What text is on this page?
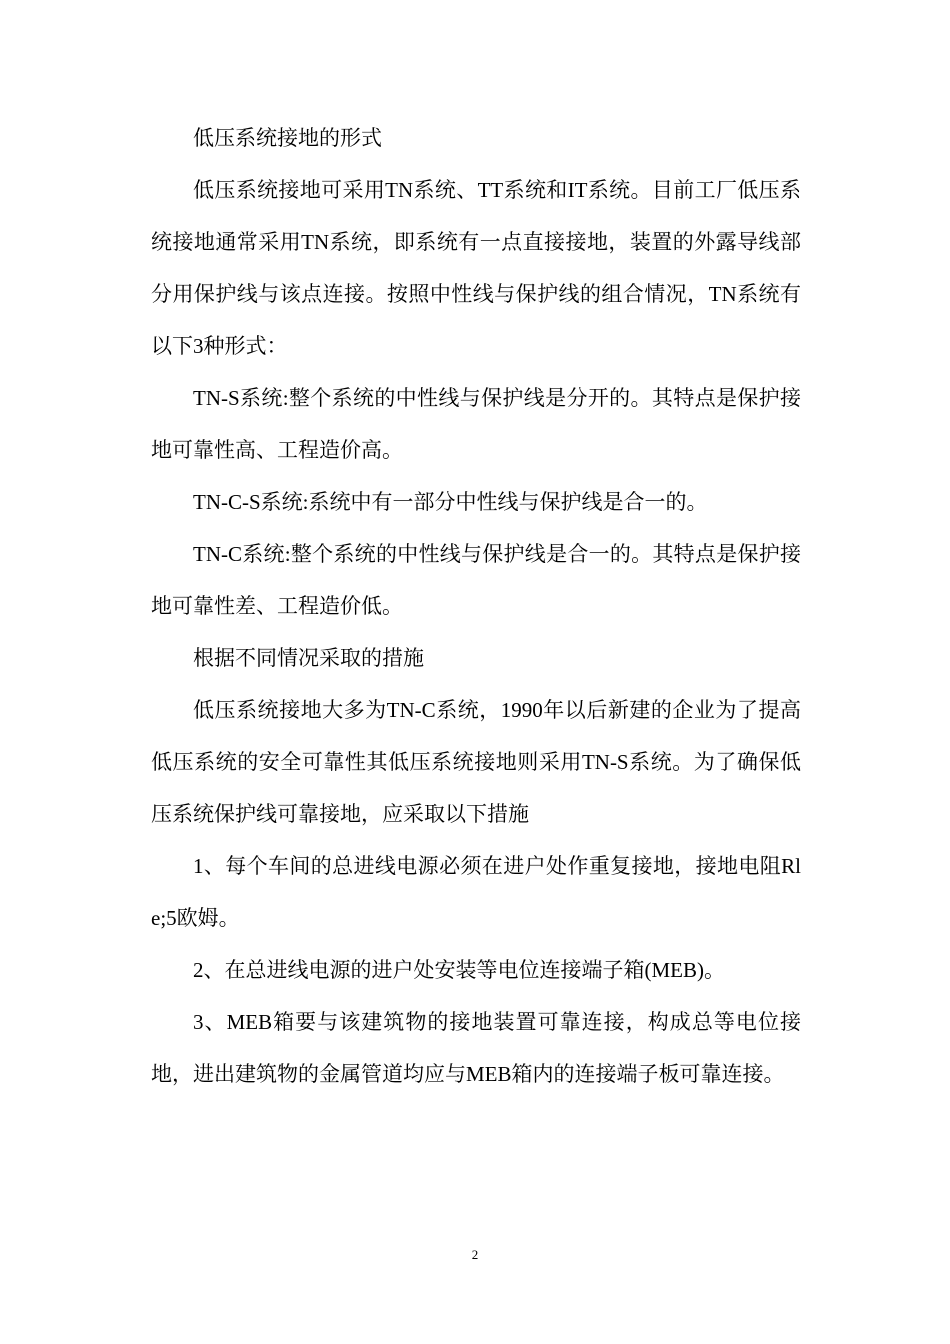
低压系统接地的形式

低压系统接地可采用TN系统、TT系统和IT系统。目前工厂低压系统接地通常采用TN系统，即系统有一点直接接地，装置的外露导线部分用保护线与该点连接。按照中性线与保护线的组合情况，TN系统有以下3种形式：

TN-S系统:整个系统的中性线与保护线是分开的。其特点是保护接地可靠性高、工程造价高。

TN-C-S系统:系统中有一部分中性线与保护线是合一的。

TN-C系统:整个系统的中性线与保护线是合一的。其特点是保护接地可靠性差、工程造价低。

根据不同情况采取的措施

低压系统接地大多为TN-C系统，1990年以后新建的企业为了提高低压系统的安全可靠性其低压系统接地则采用TN-S系统。为了确保低压系统保护线可靠接地，应采取以下措施

1、每个车间的总进线电源必须在进户处作重复接地，接地电阻Rle;5欧姆。

2、在总进线电源的进户处安装等电位连接端子箱(MEB)。

3、MEB箱要与该建筑物的接地装置可靠连接，构成总等电位接地，进出建筑物的金属管道均应与MEB箱内的连接端子板可靠连接。

2
